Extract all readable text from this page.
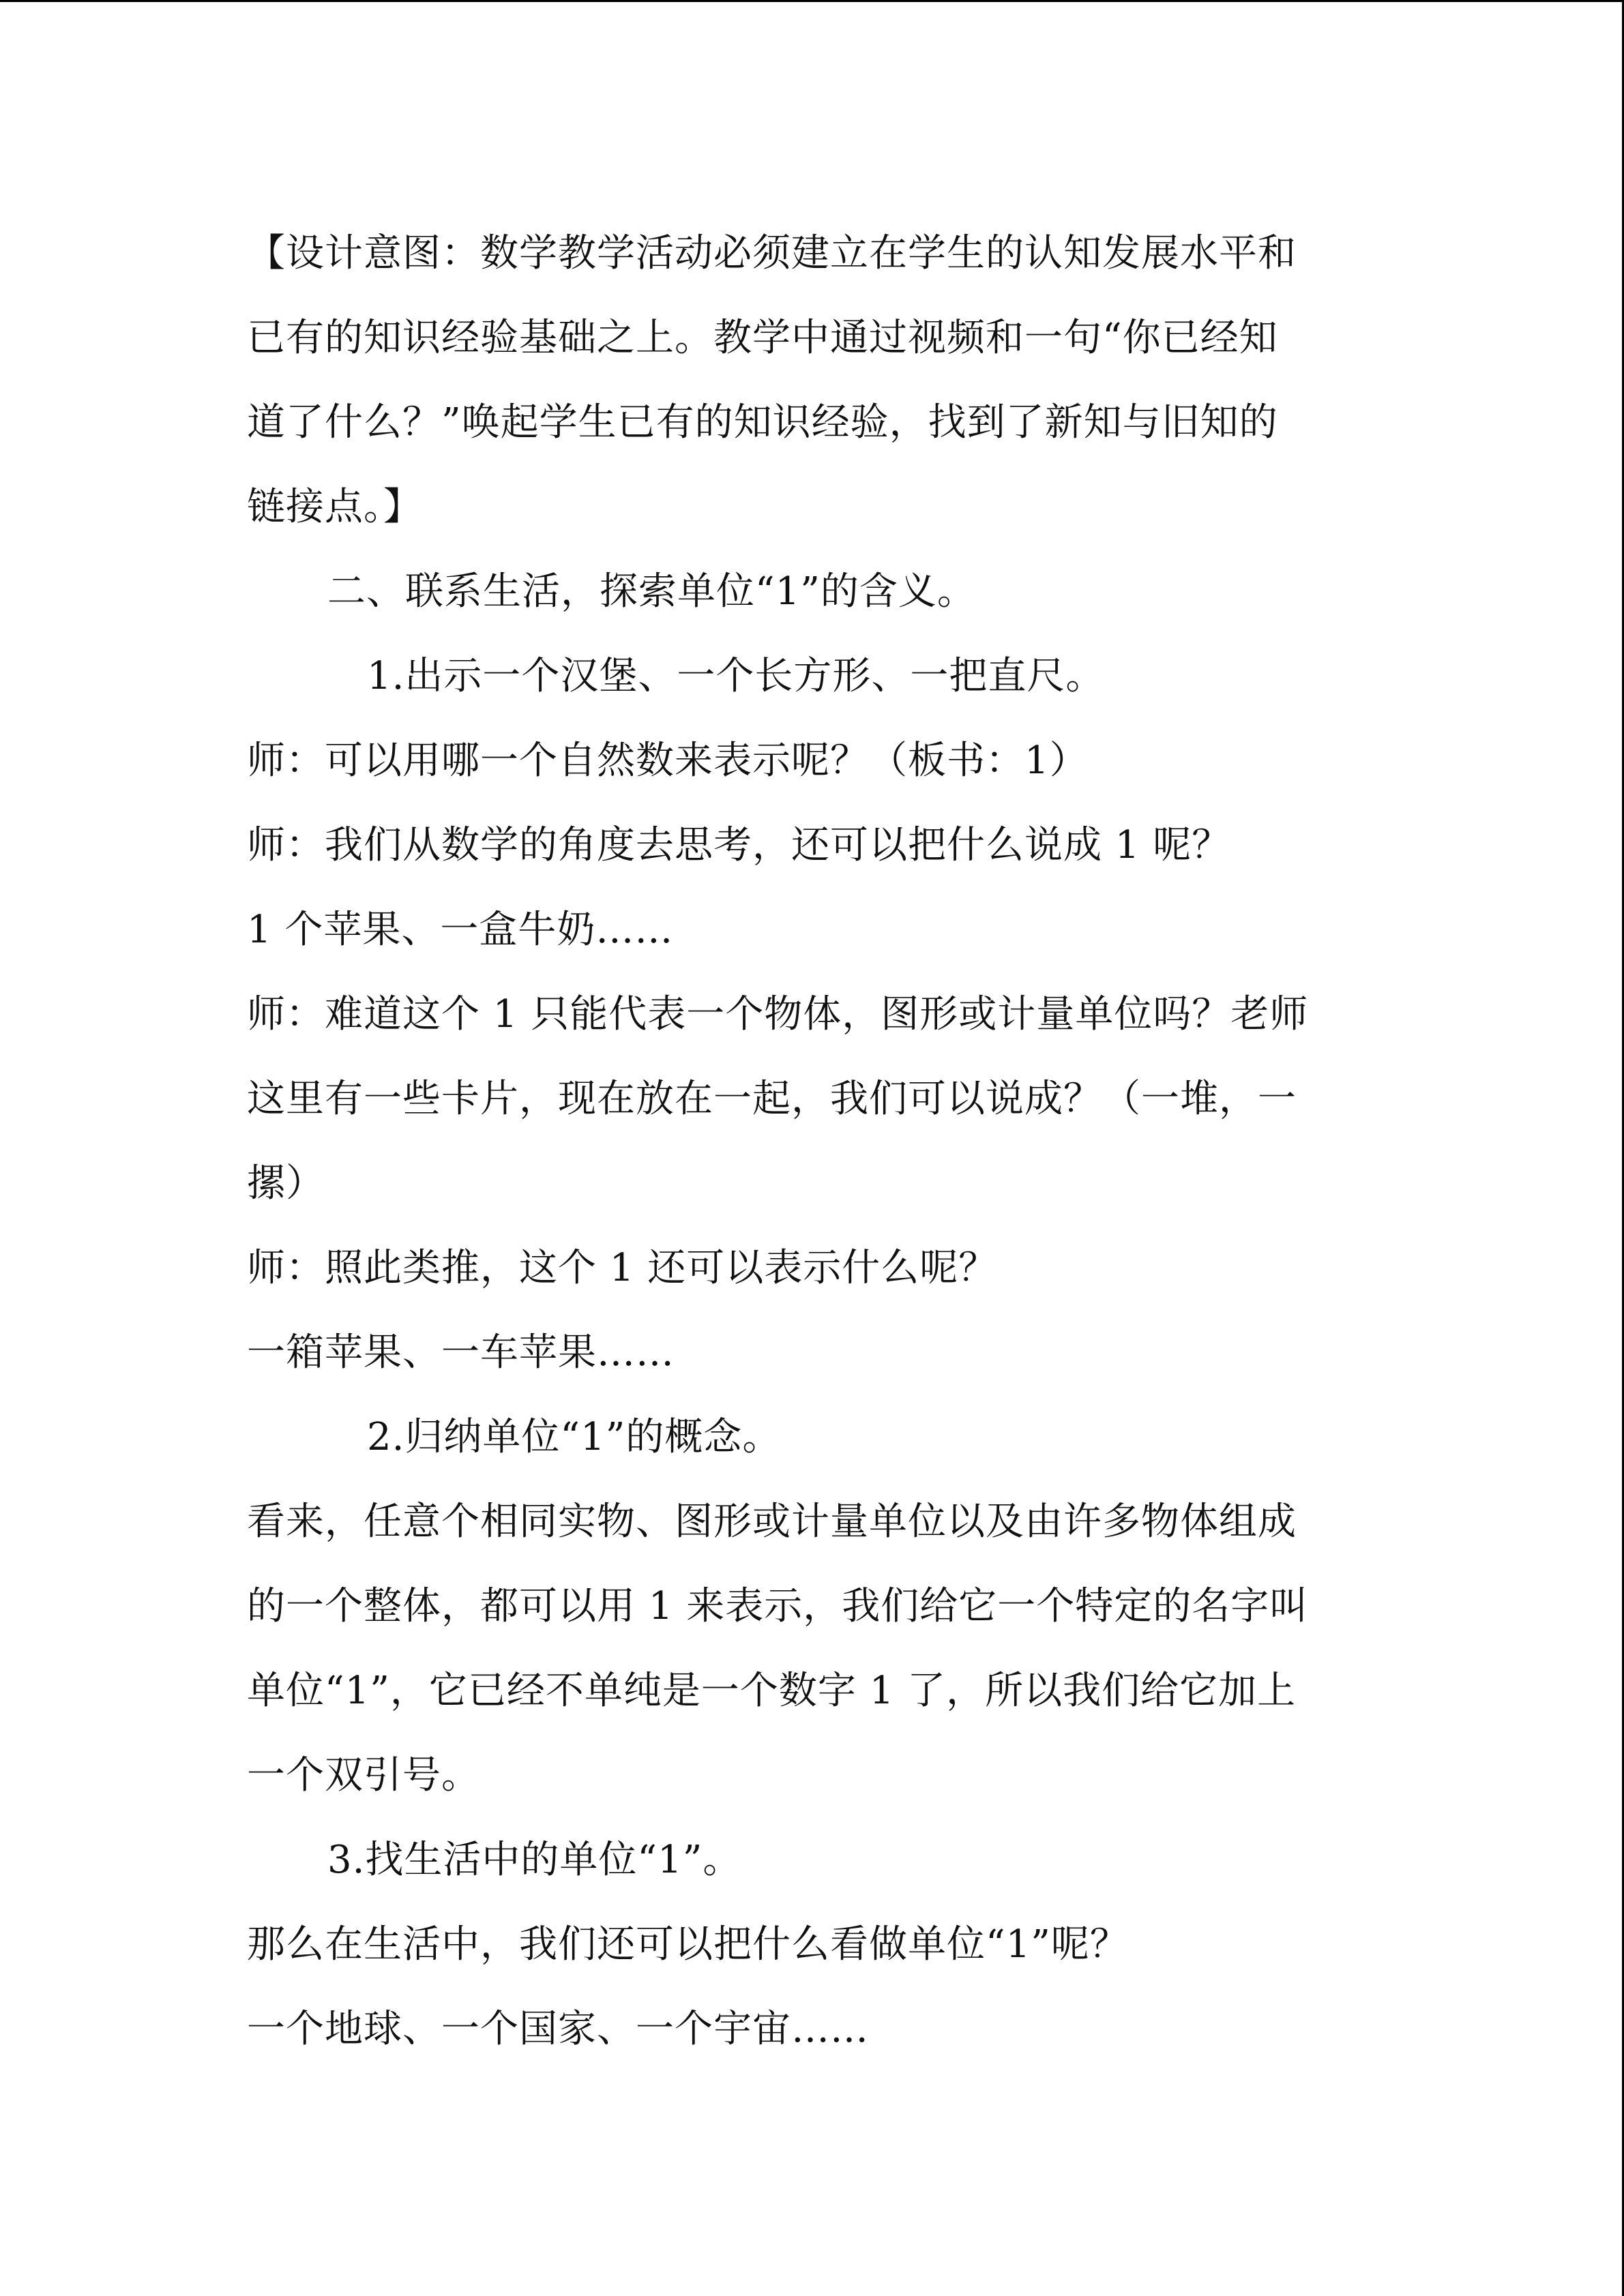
【设计意图：数学教学活动必须建立在学生的认知发展水平和
已有的知识经验基础之上。教学中通过视频和一句“你已经知
道了什么？”唤起学生已有的知识经验，找到了新知与旧知的
链接点。】
二、联系生活，探索单位“1”的含义。
1.出示一个汉堡、一个长方形、一把直尺。
师：可以用哪一个自然数来表示呢？（板书：1）
师：我们从数学的角度去思考，还可以把什么说成 1 呢？
1 个苹果、一盒牛奶……
师：难道这个 1 只能代表一个物体，图形或计量单位吗？老师
这里有一些卡片，现在放在一起，我们可以说成？（一堆，一
摞）
师：照此类推，这个 1 还可以表示什么呢？
一箱苹果、一车苹果……
2.归纳单位“1”的概念。
看来，任意个相同实物、图形或计量单位以及由许多物体组成
的一个整体，都可以用 1 来表示，我们给它一个特定的名字叫
单位“1”，它已经不单纯是一个数字 1 了，所以我们给它加上
一个双引号。
3.找生活中的单位“1”。
那么在生活中，我们还可以把什么看做单位“1”呢？
一个地球、一个国家、一个宇宙……
